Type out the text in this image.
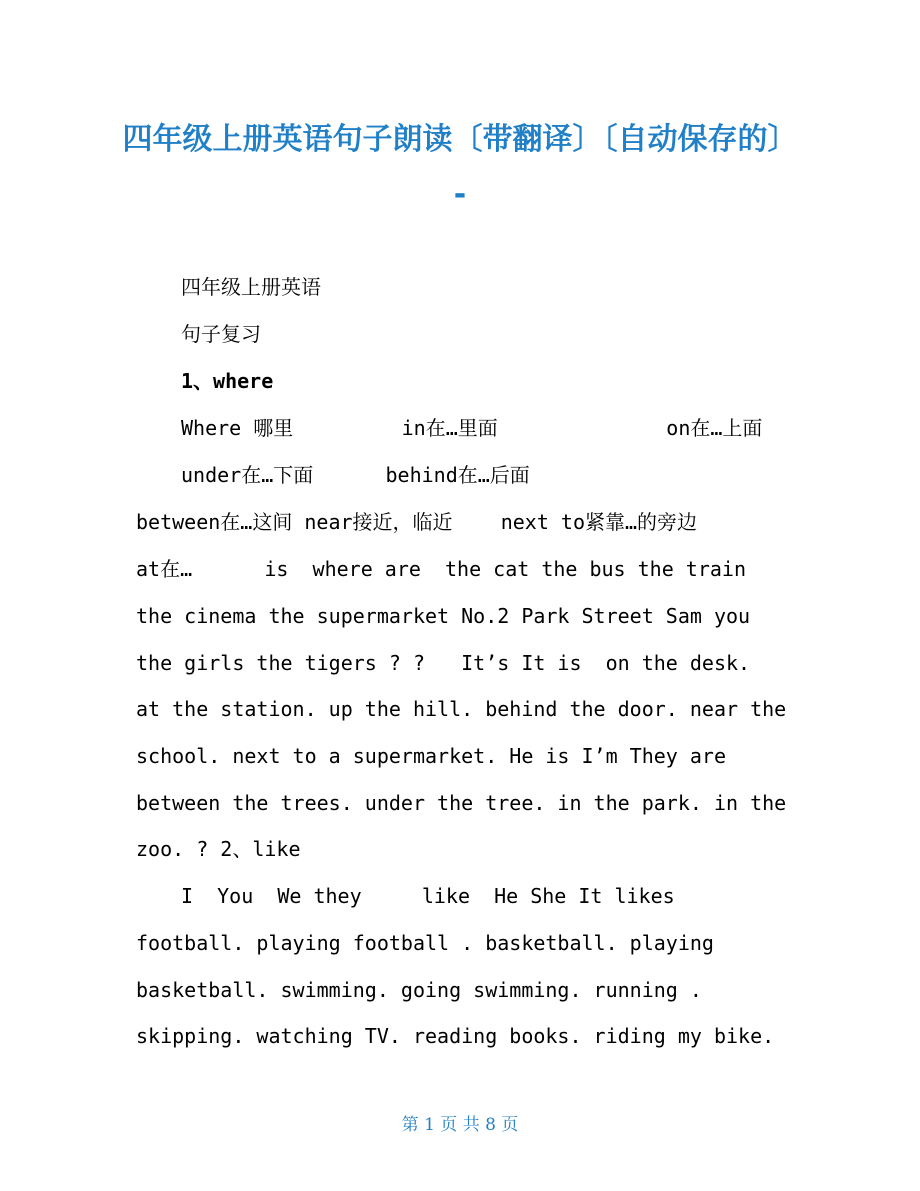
四年级上册英语句子朗读〔带翻译〕〔自动保存的〕 -
四年级上册英语
句子复习
1、where
Where 哪里         in在…里面              on在…上面
under在…下面      behind在…后面
between在…这间 near接近，临近    next to紧靠…的旁边
at在…      is  where are  the cat the bus the train
the cinema the supermarket No.2 Park Street Sam you
the girls the tigers ? ?   It’s It is  on the desk.
at the station. up the hill. behind the door. near the
school. next to a supermarket. He is I’m They are
between the trees. under the tree. in the park. in the
zoo. ? 2、like
I  You  We they     like  He She It likes
football. playing football . basketball. playing
basketball. swimming. going swimming. running .
skipping. watching TV. reading books. riding my bike.
第 1 页 共 8 页
